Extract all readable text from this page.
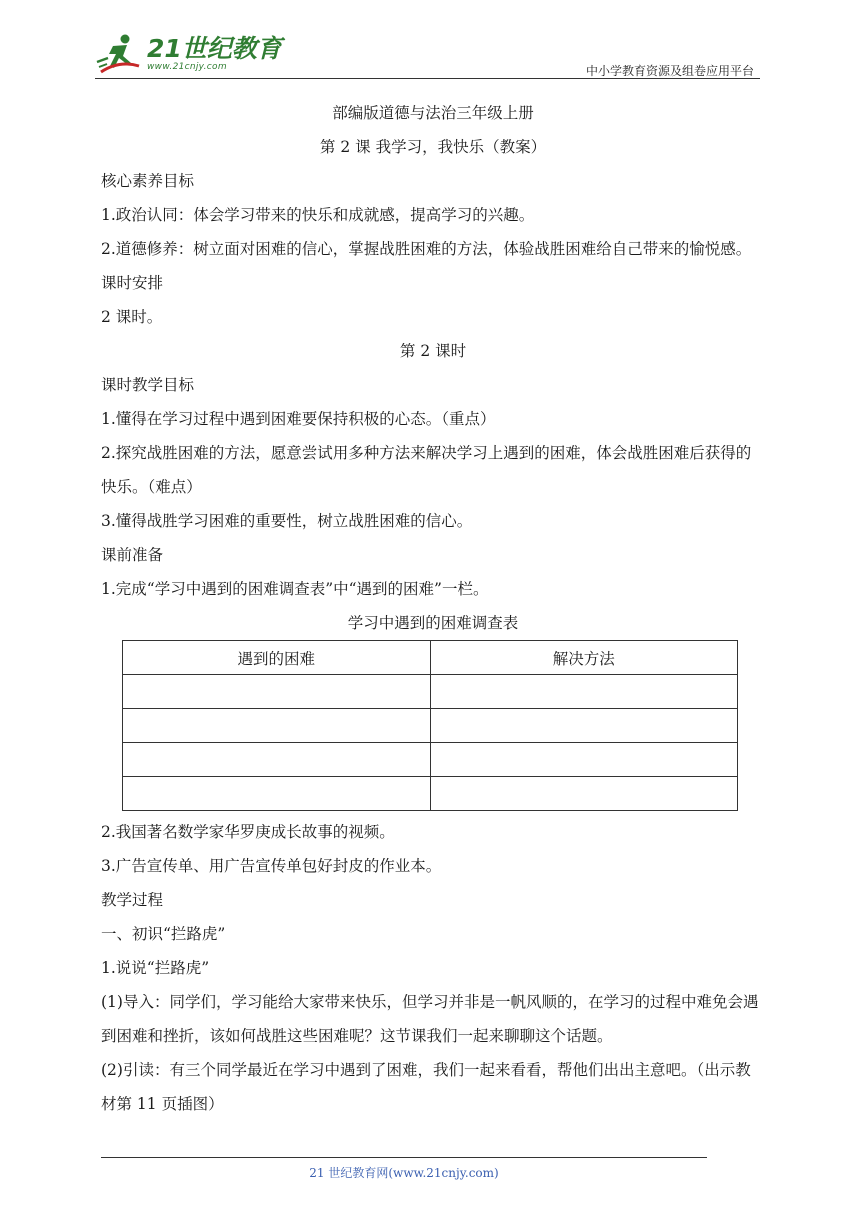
21世纪教育
www.21cnjy.com	中小学教育资源及组卷应用平台
部编版道德与法治三年级上册
第 2 课 我学习，我快乐（教案）
核心素养目标
1.政治认同：体会学习带来的快乐和成就感，提高学习的兴趣。
2.道德修养：树立面对困难的信心，掌握战胜困难的方法，体验战胜困难给自己带来的愉悦感。
课时安排
2 课时。
第 2 课时
课时教学目标
1.懂得在学习过程中遇到困难要保持积极的心态。（重点）
2.探究战胜困难的方法，愿意尝试用多种方法来解决学习上遇到的困难，体会战胜困难后获得的快乐。（难点）
3.懂得战胜学习困难的重要性，树立战胜困难的信心。
课前准备
1.完成“学习中遇到的困难调查表”中“遇到的困难”一栏。
学习中遇到的困难调查表
遇到的困难	解决方法

2.我国著名数学家华罗庚成长故事的视频。
3.广告宣传单、用广告宣传单包好封皮的作业本。
教学过程
一、初识“拦路虎”
1.说说“拦路虎”
(1)导入：同学们，学习能给大家带来快乐，但学习并非是一帆风顺的，在学习的过程中难免会遇到困难和挫折，该如何战胜这些困难呢？这节课我们一起来聊聊这个话题。
(2)引读：有三个同学最近在学习中遇到了困难，我们一起来看看，帮他们出出主意吧。（出示教材第 11 页插图）
21 世纪教育网(www.21cnjy.com)
